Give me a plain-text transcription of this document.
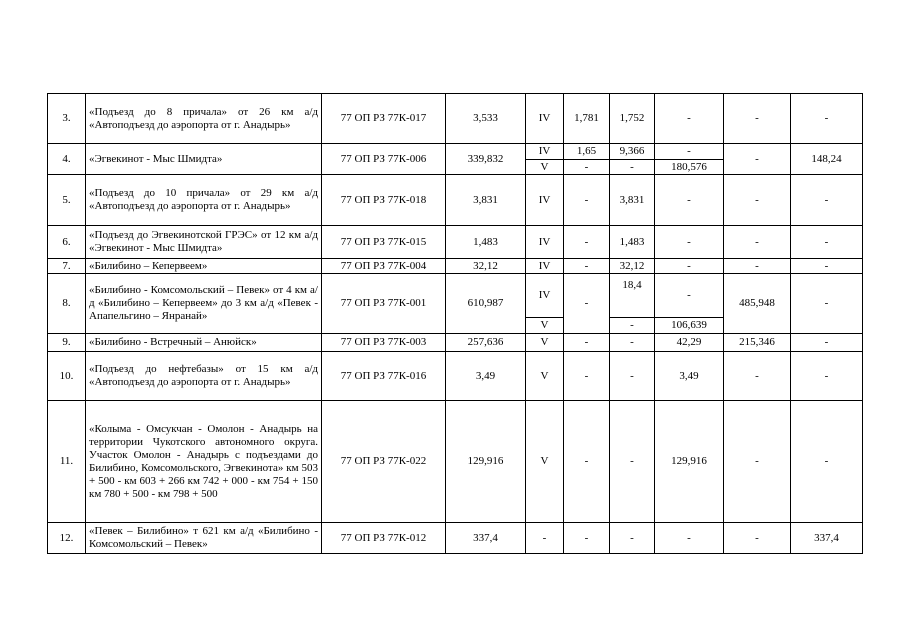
3.	«Подъезд до 8 причала» от 26 км а/д «Автоподъезд до аэропорта от г. Анадырь»	77 ОП РЗ 77К-017	3,533	IV	1,781	1,752	-	-	-
4.	«Эгвекинот - Мыс Шмидта»	77 ОП РЗ 77К-006	339,832	IV	1,65	9,366	-	-	148,24
				V	-	-	180,576		
5.	«Подъезд до 10 причала» от 29 км а/д «Автоподъезд до аэропорта от г. Анадырь»	77 ОП РЗ 77К-018	3,831	IV	-	3,831	-	-	-
6.	«Подъезд до Эгвекинотской ГРЭС» от 12 км а/д «Эгвекинот - Мыс Шмидта»	77 ОП РЗ 77К-015	1,483	IV	-	1,483	-	-	-
7.	«Билибино – Кепервеем»	77 ОП РЗ 77К-004	32,12	IV	-	32,12	-	-	-
8.	«Билибино - Комсомольский – Певек» от 4 км а/д «Билибино – Кепервеем» до 3 км а/д «Певек - Апапельгино – Янранай»	77 ОП РЗ 77К-001	610,987	IV	-	18,4	-	485,948	-
				V		-	106,639		
9.	«Билибино - Встречный – Анюйск»	77 ОП РЗ 77К-003	257,636	V	-	-	42,29	215,346	-
10.	«Подъезд до нефтебазы» от 15 км а/д «Автоподъезд до аэропорта от г. Анадырь»	77 ОП РЗ 77К-016	3,49	V	-	-	3,49	-	-
11.	«Колыма - Омсукчан - Омолон - Анадырь на территории Чукотского автономного округа. Участок Омолон - Анадырь с подъездами до Билибино, Комсомольского, Эгвекинота» км 503 + 500 - км 603 + 266 км 742 + 000 - км 754 + 150 км 780 + 500 - км 798 + 500	77 ОП РЗ 77К-022	129,916	V	-	-	129,916	-	-
12.	«Певек – Билибино» т 621 км а/д «Билибино - Комсомольский – Певек»	77 ОП РЗ 77К-012	337,4	-	-	-	-	-	337,4
